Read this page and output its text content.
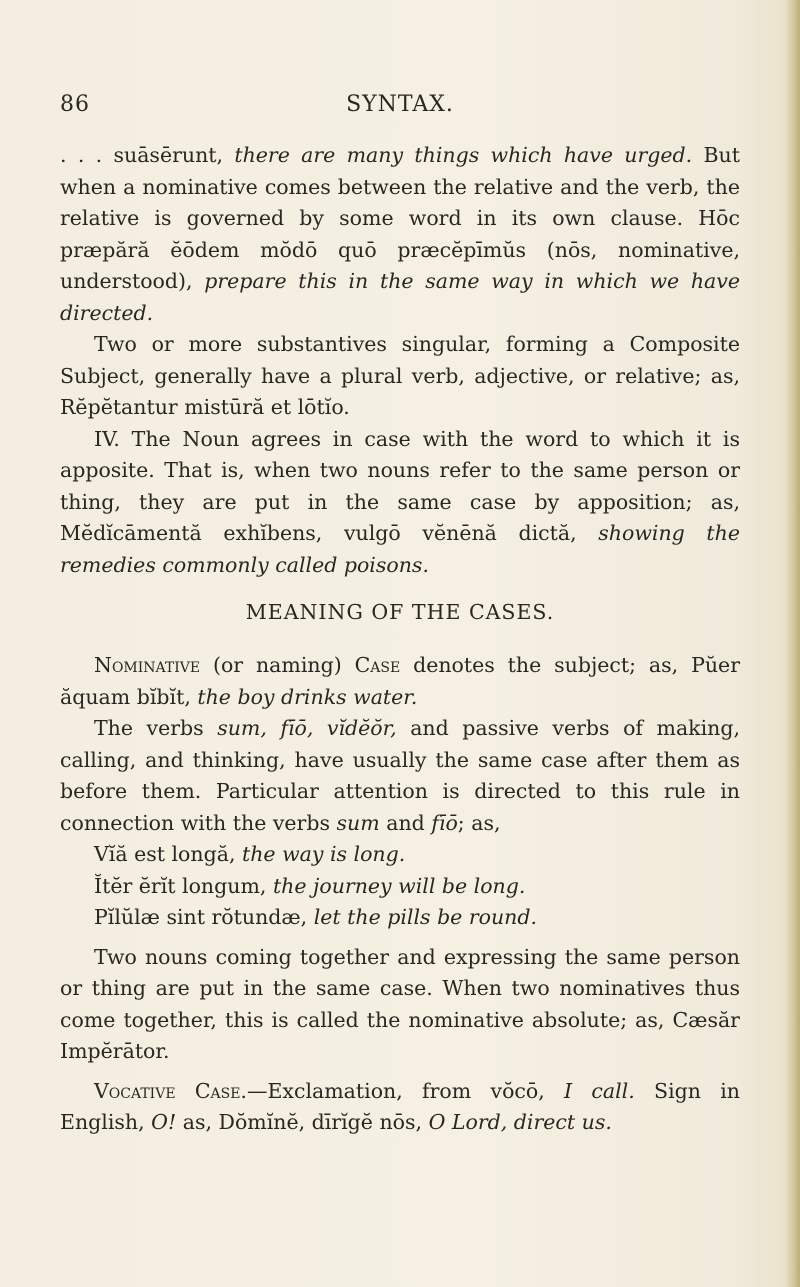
86	SYNTAX.

. . . suāsērunt, there are many things which have urged. But when a nominative comes between the relative and the verb, the relative is governed by some word in its own clause. Hōc præpără ĕōdem mŏdō quō præcĕpīmŭs (nōs, nominative, understood), prepare this in the same way in which we have directed.

Two or more substantives singular, forming a Composite Subject, generally have a plural verb, adjective, or relative; as, Rĕpĕtantur mistūră et lōtĭo.

IV. The Noun agrees in case with the word to which it is apposite. That is, when two nouns refer to the same person or thing, they are put in the same case by apposition; as, Mĕdĭcāmentă exhĭbens, vulgō vĕnēnă dictă, showing the remedies commonly called poisons.

MEANING OF THE CASES.

Nominative (or naming) Case denotes the subject; as, Pŭer ăquam bĭbĭt, the boy drinks water.

The verbs sum, fīō, vĭdĕŏr, and passive verbs of making, calling, and thinking, have usually the same case after them as before them. Particular attention is directed to this rule in connection with the verbs sum and fīō; as,

Vĭă est longă, the way is long.

Ĭtĕr ĕrĭt longum, the journey will be long.

Pĭlŭlæ sint rŏtundæ, let the pills be round.

Two nouns coming together and expressing the same person or thing are put in the same case. When two nominatives thus come together, this is called the nominative absolute; as, Cæsăr Impĕrātor.

Vocative Case.—Exclamation, from vŏcō, I call. Sign in English, O! as, Dŏmĭnĕ, dīrĭgĕ nōs, O Lord, direct us.
